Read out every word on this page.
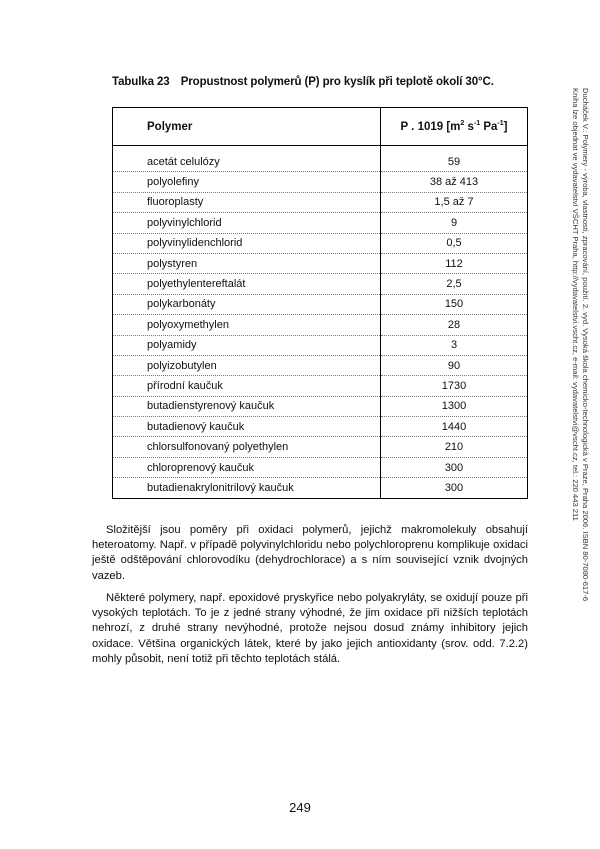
Tabulka 23 Propustnost polymerů (P) pro kyslík při teplotě okolí 30°C.
Polymer	P . 1019 [$m^2$ $s^{-1}$ $Pa^{-1}$]

acetát celulózy	59
polyolefiny	38 až 413
fluoroplasty	1,5 až 7
polyvinylchlorid	9
polyvinylidenchlorid	0,5
polystyren	112
polyethylentereftalát	2,5
polykarbonáty	150
polyoxymethylen	28
polyamidy	3
polyizobutylen	90
přírodní kaučuk	1730
butadienstyrenový kaučuk	1300
butadienový kaučuk	1440
chlorsulfonovaný polyethylen	210
chloroprenový kaučuk	300
butadienakrylonitrilový kaučuk	300
Složitější jsou poměry při oxidaci polymerů, jejichž makromolekuly obsahují heteroatomy. Např. v případě polyvinylchloridu nebo polychloroprenu komplikuje oxidaci ještě odštěpování chlorovodíku (dehydrochlorace) a s ním související vznik dvojných vazeb.
Některé polymery, např. epoxidové pryskyřice nebo polyakryláty, se oxidují pouze při vysokých teplotách. To je z jedné strany výhodné, že jim oxidace při nižších teplotách nehrozí, z druhé strany nevýhodné, protože nejsou dosud známy inhibitory jejich oxidace. Většina organických látek, které by jako jejich antioxidanty (srov. odd. 7.2.2) mohly působit, není totiž při těchto teplotách stálá.
249
Ducháček V.: Polymery - výroba, vlastnosti, zpracování, použití. 2. vyd. Vysoká škola chemicko-technologická v Praze, Praha 2006. ISBN 80-7080-617-6
Kniha lze objednat ve vydavatelství VŠCHT Praha, http://vydavatelstvi.vscht.cz, e-mail: vydavatelstvi@vscht.cz, tel.: 220 443 211
